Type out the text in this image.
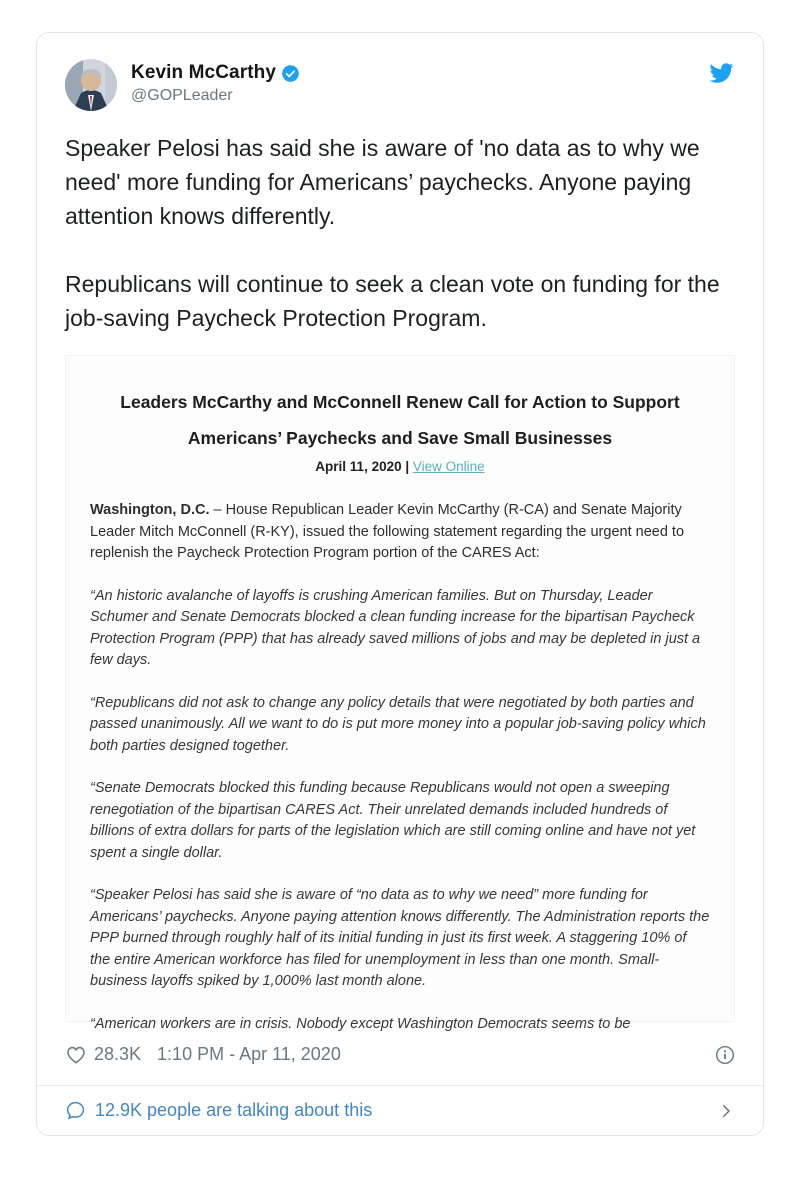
Kevin McCarthy
@GOPLeader

Speaker Pelosi has said she is aware of 'no data as to why we need' more funding for Americans’ paychecks. Anyone paying attention knows differently.

Republicans will continue to seek a clean vote on funding for the job-saving Paycheck Protection Program.

Leaders McCarthy and McConnell Renew Call for Action to Support Americans’ Paychecks and Save Small Businesses
April 11, 2020 | View Online

Washington, D.C. – House Republican Leader Kevin McCarthy (R-CA) and Senate Majority Leader Mitch McConnell (R-KY), issued the following statement regarding the urgent need to replenish the Paycheck Protection Program portion of the CARES Act:

“An historic avalanche of layoffs is crushing American families. But on Thursday, Leader Schumer and Senate Democrats blocked a clean funding increase for the bipartisan Paycheck Protection Program (PPP) that has already saved millions of jobs and may be depleted in just a few days.

“Republicans did not ask to change any policy details that were negotiated by both parties and passed unanimously. All we want to do is put more money into a popular job-saving policy which both parties designed together.

“Senate Democrats blocked this funding because Republicans would not open a sweeping renegotiation of the bipartisan CARES Act. Their unrelated demands included hundreds of billions of extra dollars for parts of the legislation which are still coming online and have not yet spent a single dollar.

“Speaker Pelosi has said she is aware of “no data as to why we need” more funding for Americans’ paychecks. Anyone paying attention knows differently. The Administration reports the PPP burned through roughly half of its initial funding in just its first week. A staggering 10% of the entire American workforce has filed for unemployment in less than one month. Small-business layoffs spiked by 1,000% last month alone.

“American workers are in crisis. Nobody except Washington Democrats seems to be

28.3K 1:10 PM - Apr 11, 2020
12.9K people are talking about this
